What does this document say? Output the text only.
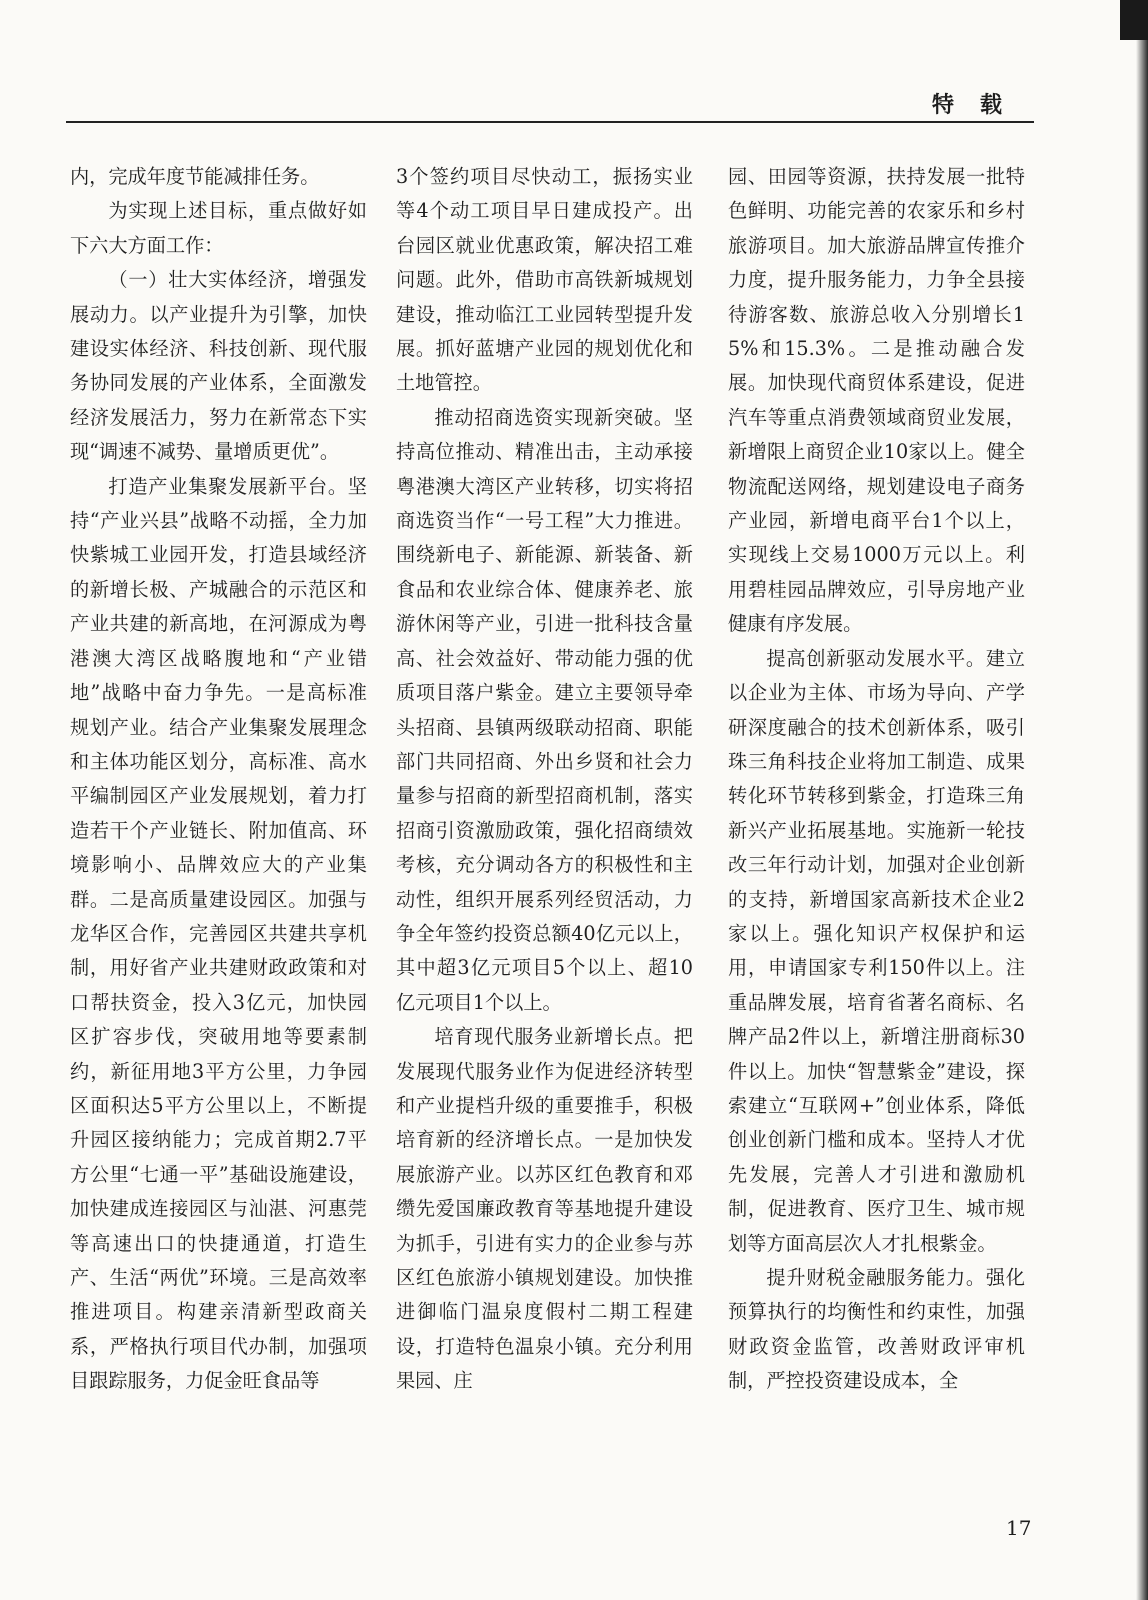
特载

内，完成年度节能减排任务。

为实现上述目标，重点做好如下六大方面工作：

（一）壮大实体经济，增强发展动力。以产业提升为引擎，加快建设实体经济、科技创新、现代服务协同发展的产业体系，全面激发经济发展活力，努力在新常态下实现“调速不减势、量增质更优”。

打造产业集聚发展新平台。坚持“产业兴县”战略不动摇，全力加快紫城工业园开发，打造县域经济的新增长极、产城融合的示范区和产业共建的新高地，在河源成为粤港澳大湾区战略腹地和“产业错地”战略中奋力争先。一是高标准规划产业。结合产业集聚发展理念和主体功能区划分，高标准、高水平编制园区产业发展规划，着力打造若干个产业链长、附加值高、环境影响小、品牌效应大的产业集群。二是高质量建设园区。加强与龙华区合作，完善园区共建共享机制，用好省产业共建财政政策和对口帮扶资金，投入3亿元，加快园区扩容步伐，突破用地等要素制约，新征用地3平方公里，力争园区面积达5平方公里以上，不断提升园区接纳能力；完成首期2.7平方公里“七通一平”基础设施建设，加快建成连接园区与汕湛、河惠莞等高速出口的快捷通道，打造生产、生活“两优”环境。三是高效率推进项目。构建亲清新型政商关系，严格执行项目代办制，加强项目跟踪服务，力促金旺食品等

3个签约项目尽快动工，振扬实业等4个动工项目早日建成投产。出台园区就业优惠政策，解决招工难问题。此外，借助市高铁新城规划建设，推动临江工业园转型提升发展。抓好蓝塘产业园的规划优化和土地管控。

推动招商选资实现新突破。坚持高位推动、精准出击，主动承接粤港澳大湾区产业转移，切实将招商选资当作“一号工程”大力推进。围绕新电子、新能源、新装备、新食品和农业综合体、健康养老、旅游休闲等产业，引进一批科技含量高、社会效益好、带动能力强的优质项目落户紫金。建立主要领导牵头招商、县镇两级联动招商、职能部门共同招商、外出乡贤和社会力量参与招商的新型招商机制，落实招商引资激励政策，强化招商绩效考核，充分调动各方的积极性和主动性，组织开展系列经贸活动，力争全年签约投资总额40亿元以上，其中超3亿元项目5个以上、超10亿元项目1个以上。

培育现代服务业新增长点。把发展现代服务业作为促进经济转型和产业提档升级的重要推手，积极培育新的经济增长点。一是加快发展旅游产业。以苏区红色教育和邓缵先爱国廉政教育等基地提升建设为抓手，引进有实力的企业参与苏区红色旅游小镇规划建设。加快推进御临门温泉度假村二期工程建设，打造特色温泉小镇。充分利用果园、庄

园、田园等资源，扶持发展一批特色鲜明、功能完善的农家乐和乡村旅游项目。加大旅游品牌宣传推介力度，提升服务能力，力争全县接待游客数、旅游总收入分别增长15%和15.3%。二是推动融合发展。加快现代商贸体系建设，促进汽车等重点消费领域商贸业发展，新增限上商贸企业10家以上。健全物流配送网络，规划建设电子商务产业园，新增电商平台1个以上，实现线上交易1000万元以上。利用碧桂园品牌效应，引导房地产业健康有序发展。

提高创新驱动发展水平。建立以企业为主体、市场为导向、产学研深度融合的技术创新体系，吸引珠三角科技企业将加工制造、成果转化环节转移到紫金，打造珠三角新兴产业拓展基地。实施新一轮技改三年行动计划，加强对企业创新的支持，新增国家高新技术企业2家以上。强化知识产权保护和运用，申请国家专利150件以上。注重品牌发展，培育省著名商标、名牌产品2件以上，新增注册商标30件以上。加快“智慧紫金”建设，探索建立“互联网+”创业体系，降低创业创新门槛和成本。坚持人才优先发展，完善人才引进和激励机制，促进教育、医疗卫生、城市规划等方面高层次人才扎根紫金。

提升财税金融服务能力。强化预算执行的均衡性和约束性，加强财政资金监管，改善财政评审机制，严控投资建设成本，全

17
